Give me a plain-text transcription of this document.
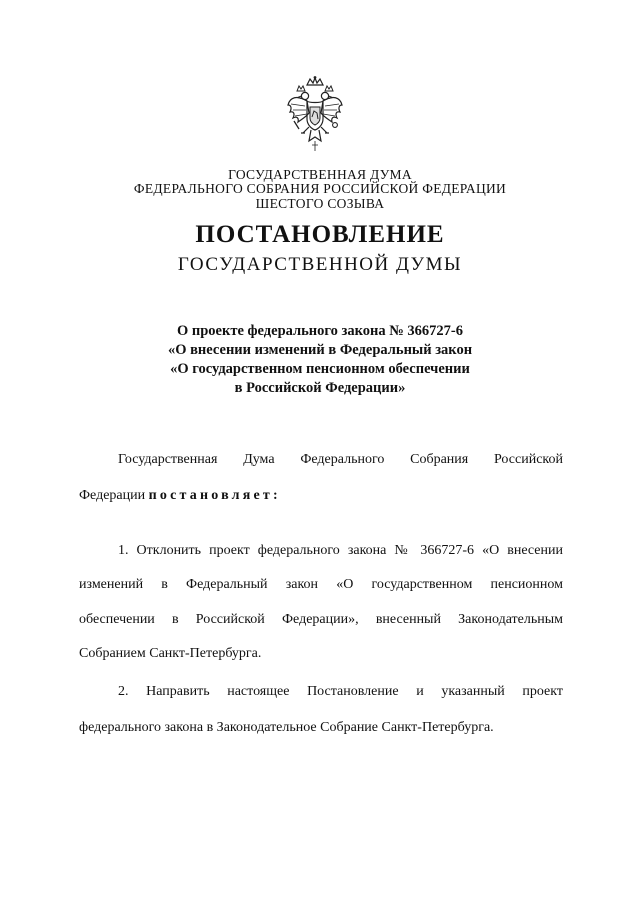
ГОСУДАРСТВЕННАЯ ДУМА
ФЕДЕРАЛЬНОГО СОБРАНИЯ РОССИЙСКОЙ ФЕДЕРАЦИИ
ШЕСТОГО СОЗЫВА
ПОСТАНОВЛЕНИЕ
ГОСУДАРСТВЕННОЙ ДУМЫ
О проекте федерального закона № 366727-6
«О внесении изменений в Федеральный закон
«О государственном пенсионном обеспечении
в Российской Федерации»
Государственная Дума Федерального Собрания Российской
Федерации постановляет:
1. Отклонить проект федерального закона № 366727-6 «О внесении
изменений в Федеральный закон «О государственном пенсионном
обеспечении в Российской Федерации», внесенный Законодательным
Собранием Санкт-Петербурга.
2. Направить настоящее Постановление и указанный проект
федерального закона в Законодательное Собрание Санкт-Петербурга.
